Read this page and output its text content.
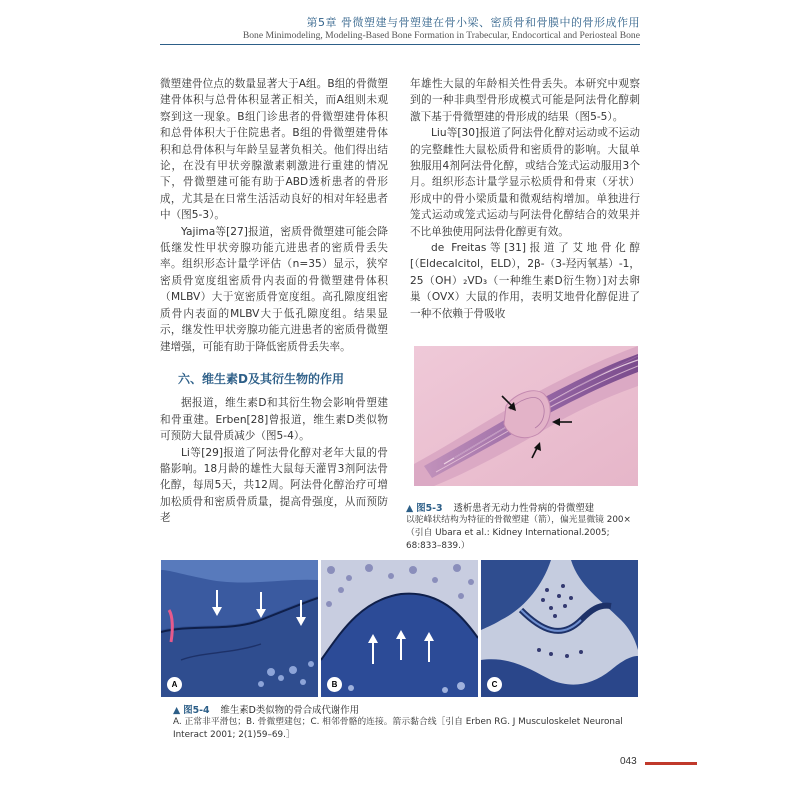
第5章 骨微塑建与骨塑建在骨小梁、密质骨和骨膜中的骨形成作用
Bone Minimodeling, Modeling-Based Bone Formation in Trabecular, Endocortical and Periosteal Bone

微塑建骨位点的数量显著大于A组。B组的骨微塑建骨体积与总骨体积显著正相关，而A组则未观察到这一现象。B组门诊患者的骨微塑建骨体积和总骨体积大于住院患者。B组的骨微塑建骨体积和总骨体积与年龄呈显著负相关。他们得出结论，在没有甲状旁腺激素刺激进行重建的情况下，骨微塑建可能有助于ABD透析患者的骨形成，尤其是在日常生活活动良好的相对年轻患者中（图5-3）。

Yajima等[27]报道，密质骨微塑建可能会降低继发性甲状旁腺功能亢进患者的密质骨丢失率。组织形态计量学评估（n=35）显示，狭窄密质骨宽度组密质骨内表面的骨微塑建骨体积（MLBV）大于宽密质骨宽度组。高孔隙度组密质骨内表面的MLBV大于低孔隙度组。结果显示，继发性甲状旁腺功能亢进患者的密质骨微塑建增强，可能有助于降低密质骨丢失率。

六、维生素D及其衍生物的作用

据报道，维生素D和其衍生物会影响骨塑建和骨重建。Erben[28]曾报道，维生素D类似物可预防大鼠骨质减少（图5-4）。

Li等[29]报道了阿法骨化醇对老年大鼠的骨骼影响。18月龄的雄性大鼠每天灌胃3剂阿法骨化醇，每周5天，共12周。阿法骨化醇治疗可增加松质骨和密质骨质量，提高骨强度，从而预防老

年雄性大鼠的年龄相关性骨丢失。本研究中观察到的一种非典型骨形成模式可能是阿法骨化醇刺激下基于骨微塑建的骨形成的结果（图5-5）。

Liu等[30]报道了阿法骨化醇对运动或不运动的完整雌性大鼠松质骨和密质骨的影响。大鼠单独服用4剂阿法骨化醇，或结合笼式运动服用3个月。组织形态计量学显示松质骨和骨束（牙状）形成中的骨小梁质量和微观结构增加。单独进行笼式运动或笼式运动与阿法骨化醇结合的效果并不比单独使用阿法骨化醇更有效。

de Freitas等[31]报道了艾地骨化醇[（Eldecalcitol，ELD），2β-（3-羟丙氧基）-1，25（OH）₂VD₃（一种维生素D衍生物）]对去卵巢（OVX）大鼠的作用，表明艾地骨化醇促进了一种不依赖于骨吸收

▲ 图5-3 透析患者无动力性骨病的骨微塑建
以驼峰状结构为特征的骨微塑建（箭），偏光显微镜 200×
（引自 Ubara et al.: Kidney International.2005; 68:833–839.）
A	B	C
▲ 图5-4 维生素D类似物的骨合成代谢作用
A. 正常非平滑包；B. 骨微塑建包；C. 相邻骨骼的连接。箭示黏合线［引自 Erben RG. J Musculoskelet Neuronal
Interact 2001; 2(1)59–69.］
043
